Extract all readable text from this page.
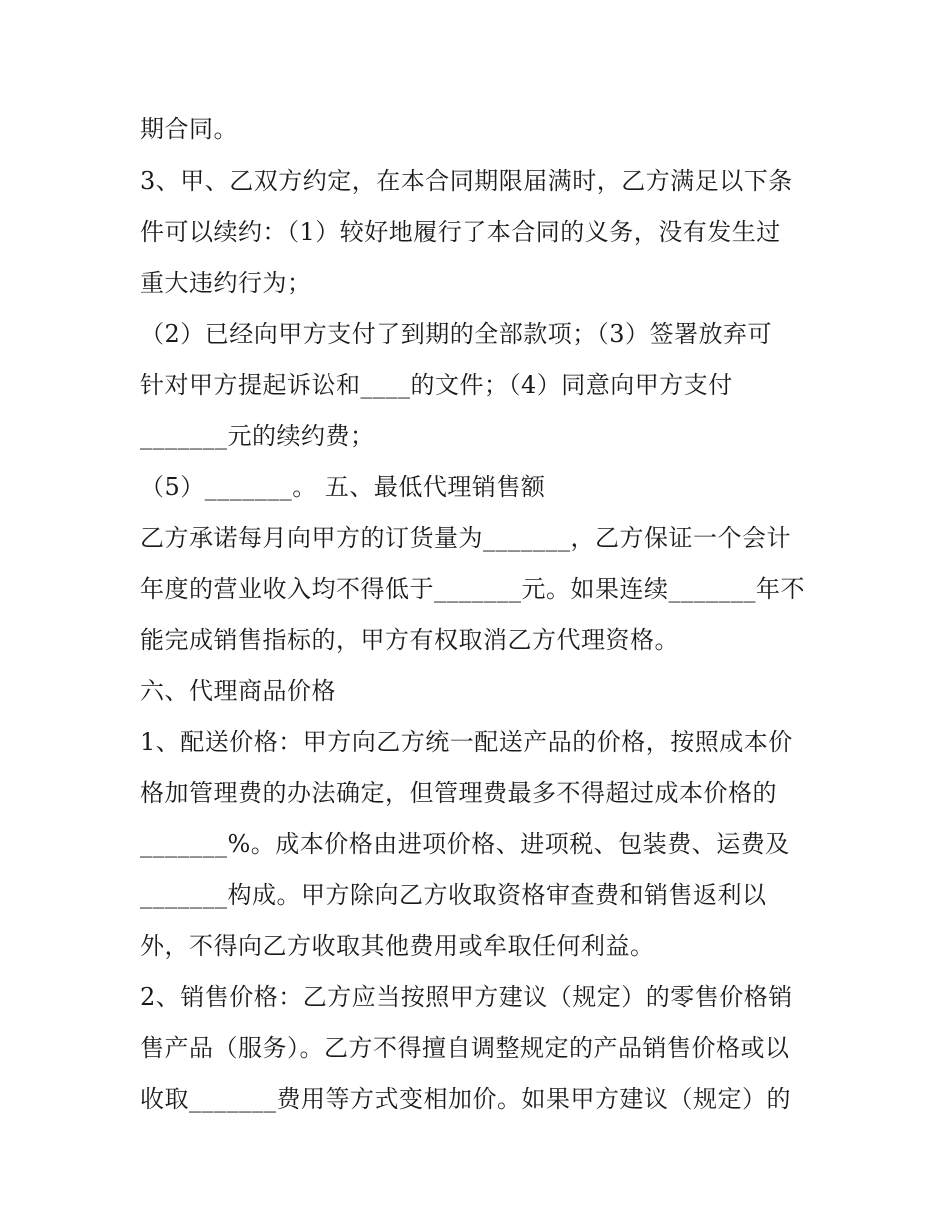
期合同。
3、甲、乙双方约定，在本合同期限届满时，乙方满足以下条
件可以续约：（1）较好地履行了本合同的义务，没有发生过
重大违约行为；
（2）已经向甲方支付了到期的全部款项；（3）签署放弃可
针对甲方提起诉讼和____的文件；（4）同意向甲方支付
_______元的续约费；
（5）_______。 五、最低代理销售额
乙方承诺每月向甲方的订货量为_______，乙方保证一个会计
年度的营业收入均不得低于_______元。如果连续_______年不
能完成销售指标的，甲方有权取消乙方代理资格。
六、代理商品价格
1、配送价格：甲方向乙方统一配送产品的价格，按照成本价
格加管理费的办法确定，但管理费最多不得超过成本价格的
_______%。成本价格由进项价格、进项税、包装费、运费及
_______构成。甲方除向乙方收取资格审查费和销售返利以
外，不得向乙方收取其他费用或牟取任何利益。
2、销售价格：乙方应当按照甲方建议（规定）的零售价格销
售产品（服务）。乙方不得擅自调整规定的产品销售价格或以
收取_______费用等方式变相加价。如果甲方建议（规定）的
